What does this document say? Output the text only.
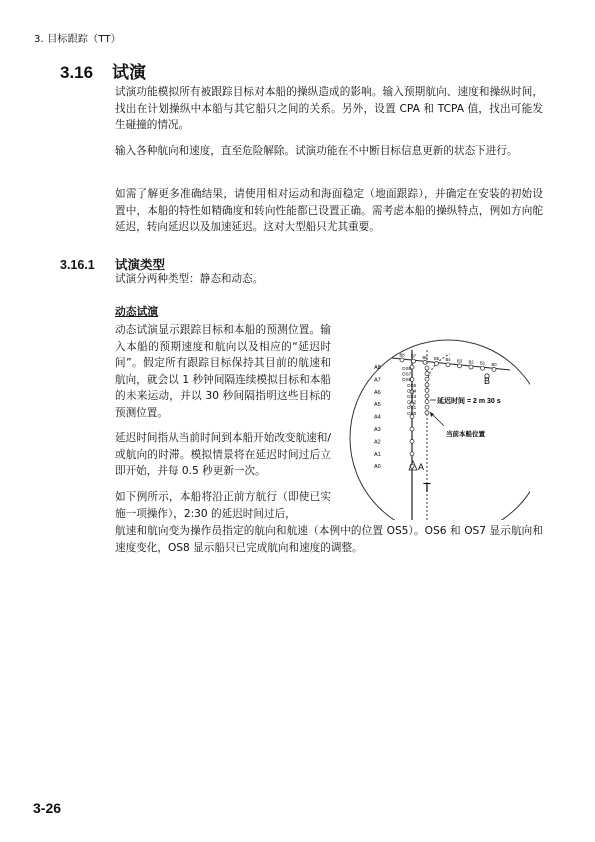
3. 目标跟踪（TT）
3.16 试演
试演功能模拟所有被跟踪目标对本船的操纵造成的影响。输入预期航向、速度和操纵时间，找出在计划操纵中本船与其它船只之间的关系。另外，设置 CPA 和 TCPA 值，找出可能发生碰撞的情况。
输入各种航向和速度，直至危险解除。试演功能在不中断目标信息更新的状态下进行。
如需了解更多准确结果，请使用相对运动和海面稳定（地面跟踪），并确定在安装的初始设置中，本船的特性如精确度和转向性能都已设置正确。需考虑本船的操纵特点，例如方向舵延迟，转向延迟以及加速延迟。这对大型船只尤其重要。
3.16.1 试演类型
试演分两种类型：静态和动态。
动态试演
动态试演显示跟踪目标和本船的预测位置。输入本船的预期速度和航向以及相应的“延迟时间”。假定所有跟踪目标保持其目前的航速和航向，就会以 1 秒钟间隔连续模拟目标和本船的未来运动，并以 30 秒间隔指明这些目标的预测位置。
延迟时间指从当前时间到本船开始改变航速和/或航向的时滞。模拟情景将在延迟时间过后立即开始，并每 0.5 秒更新一次。
如下例所示，本船将沿正前方航行（即使已实施一项操作），2:30 的延迟时间过后，
航速和航向变为操作员指定的航向和航速（本例中的位置 OS5）。OS6 和 OS7 显示航向和速度变化，OS8 显示船只已完成航向和速度的调整。
A8
A7
A6
A5
A4
A3
A2
A1
A0
OS8
OS7
OS6
OS5
OS4
OS3
OS2
OS1
OS0
B8 B7 B6 B5 B4 B3 B2 B1 B0
A
B
T
延迟时间 = 2 m 30 s
当前本船位置
3-26
